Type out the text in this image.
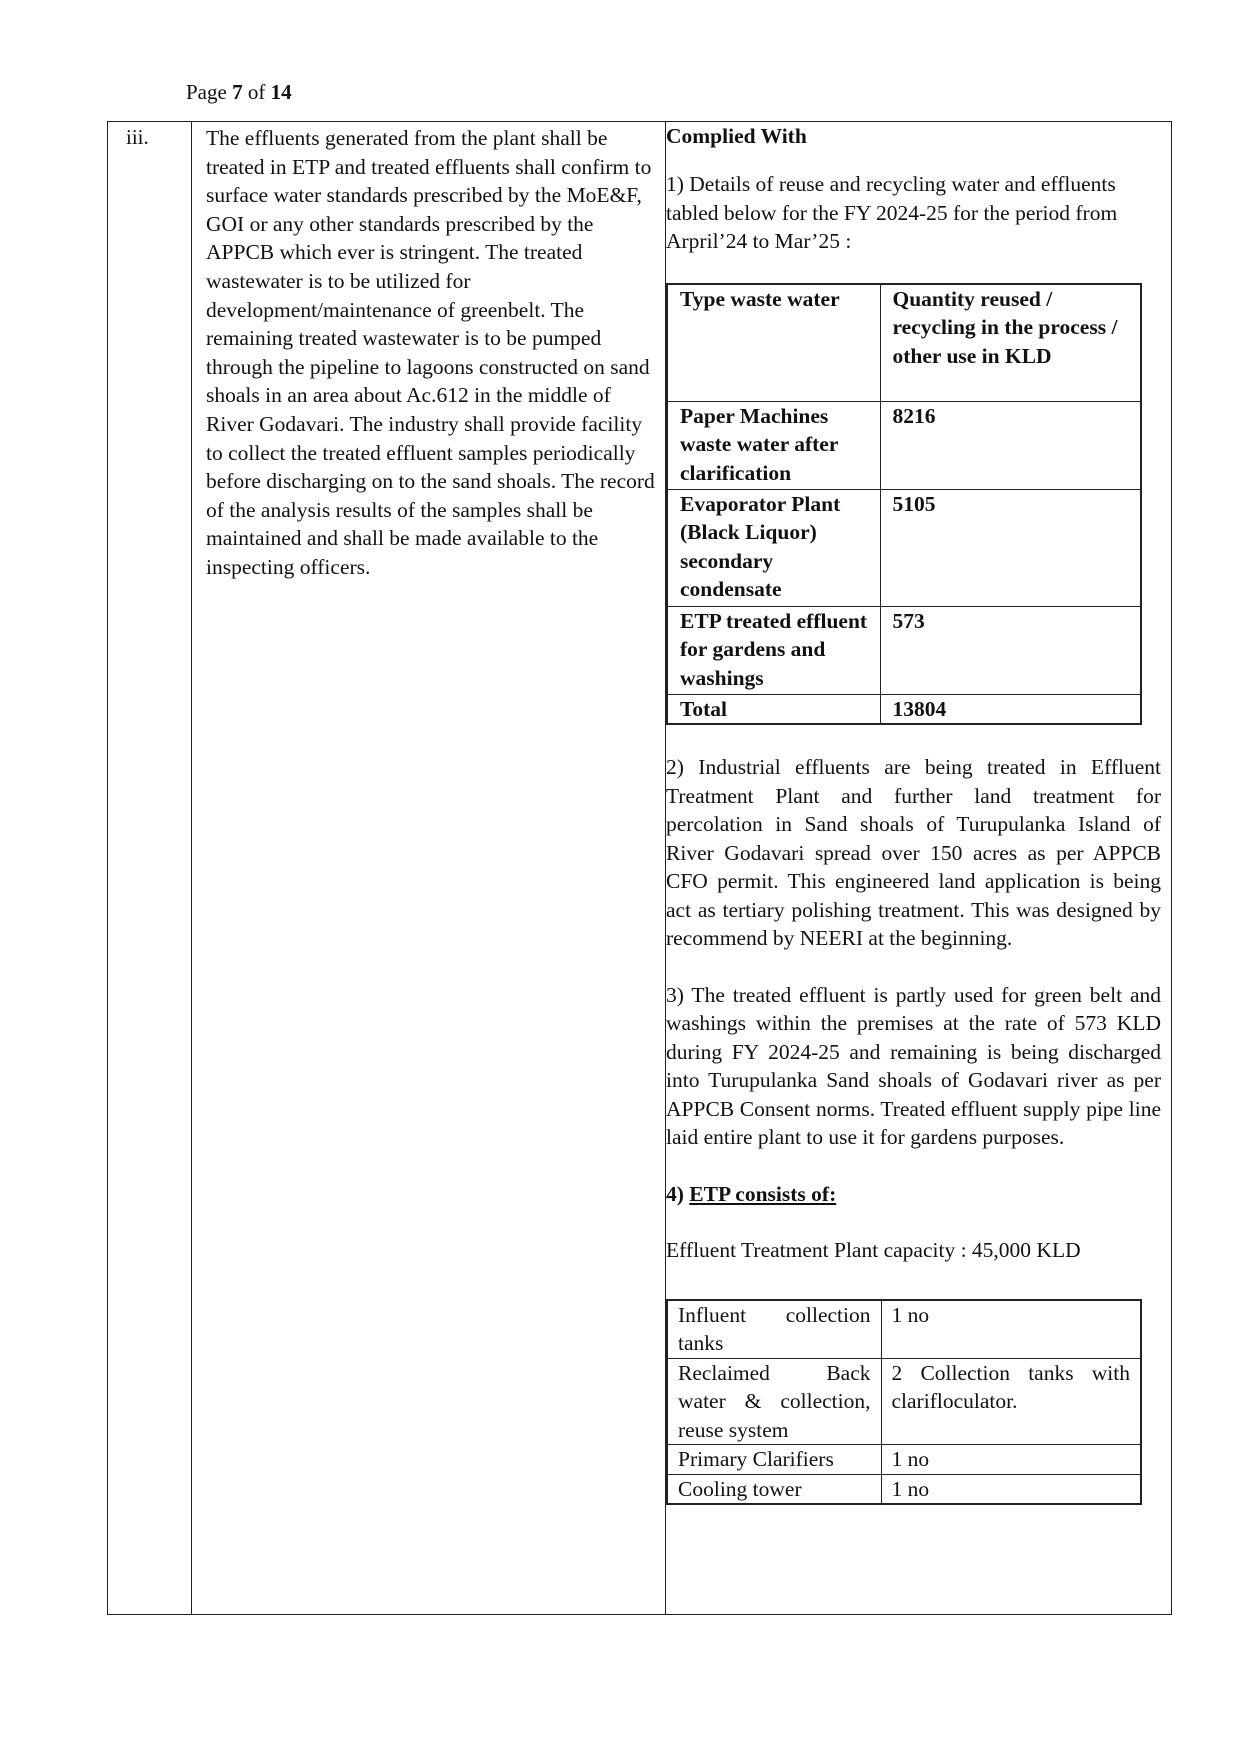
Page 7 of 14
iii.	The effluents generated from the plant shall be treated in ETP and treated effluents shall confirm to surface water standards prescribed by the MoE&F, GOI or any other standards prescribed by the APPCB which ever is stringent. The treated wastewater is to be utilized for development/maintenance of greenbelt. The remaining treated wastewater is to be pumped through the pipeline to lagoons constructed on sand shoals in an area about Ac.612 in the middle of River Godavari. The industry shall provide facility to collect the treated effluent samples periodically before discharging on to the sand shoals. The record of the analysis results of the samples shall be maintained and shall be made available to the inspecting officers.

Complied With

1) Details of reuse and recycling water and effluents tabled below for the FY 2024-25 for the period from Arpril’24 to Mar’25 :

Type waste water	Quantity reused / recycling in the process / other use in KLD
Paper Machines waste water after clarification	8216
Evaporator Plant (Black Liquor) secondary condensate	5105
ETP treated effluent for gardens and washings	573
Total	13804

2) Industrial effluents are being treated in Effluent Treatment Plant and further land treatment for percolation in Sand shoals of Turupulanka Island of River Godavari spread over 150 acres as per APPCB CFO permit. This engineered land application is being act as tertiary polishing treatment. This was designed by recommend by NEERI at the beginning.

3) The treated effluent is partly used for green belt and washings within the premises at the rate of 573 KLD during FY 2024-25 and remaining is being discharged into Turupulanka Sand shoals of Godavari river as per APPCB Consent norms. Treated effluent supply pipe line laid entire plant to use it for gardens purposes.

4) ETP consists of:

Effluent Treatment Plant capacity : 45,000 KLD

Influent collection tanks	1 no
Reclaimed Back water & collection, reuse system	2 Collection tanks with clarifloculator.
Primary Clarifiers	1 no
Cooling tower	1 no
